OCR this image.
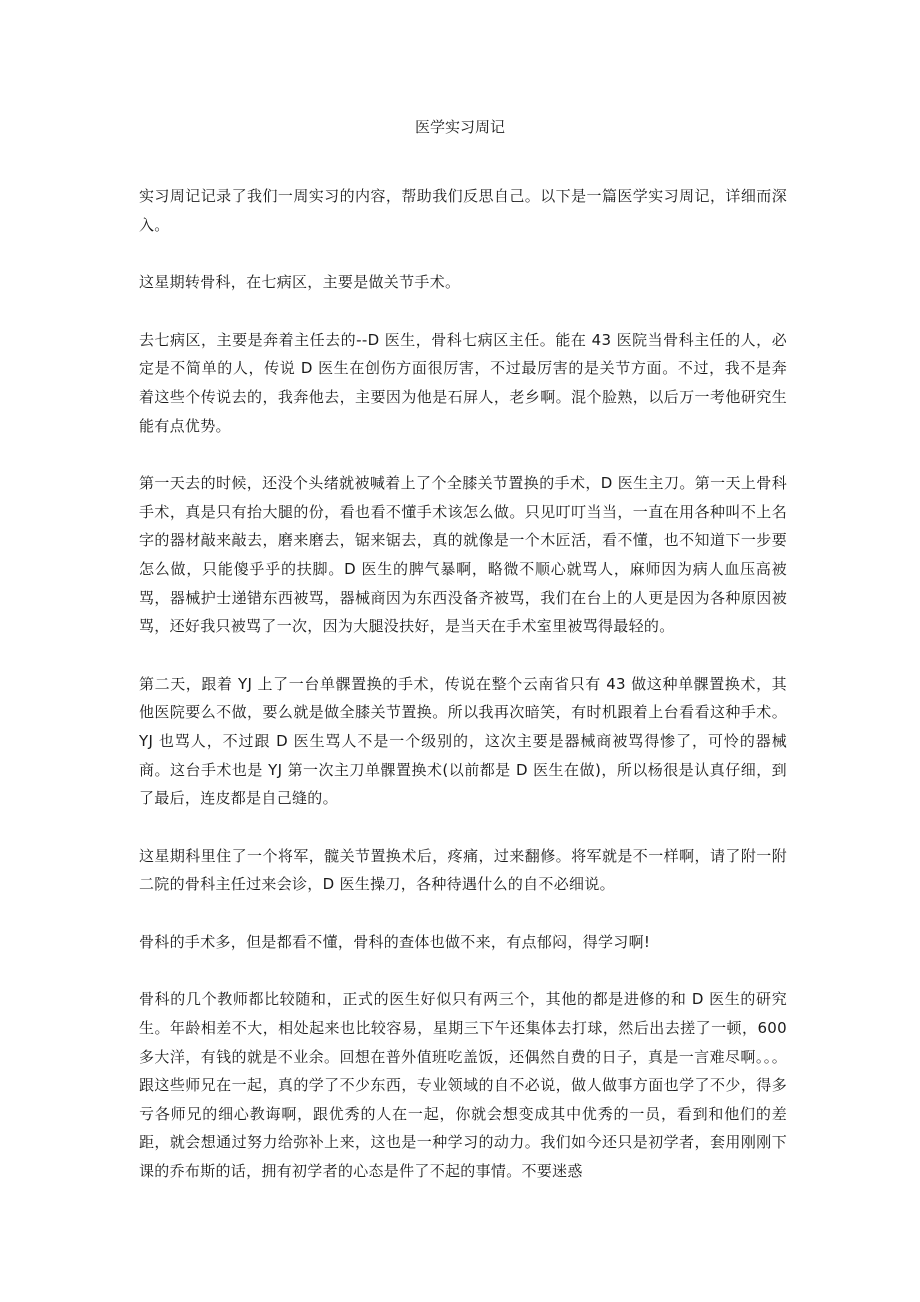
医学实习周记

实习周记记录了我们一周实习的内容，帮助我们反思自己。以下是一篇医学实习周记，详细而深入。

这星期转骨科，在七病区，主要是做关节手术。

去七病区，主要是奔着主任去的--D 医生，骨科七病区主任。能在 43 医院当骨科主任的人，必定是不简单的人，传说 D 医生在创伤方面很厉害，不过最厉害的是关节方面。不过，我不是奔着这些个传说去的，我奔他去，主要因为他是石屏人，老乡啊。混个脸熟，以后万一考他研究生能有点优势。

第一天去的时候，还没个头绪就被喊着上了个全膝关节置换的手术，D 医生主刀。第一天上骨科手术，真是只有抬大腿的份，看也看不懂手术该怎么做。只见叮叮当当，一直在用各种叫不上名字的器材敲来敲去，磨来磨去，锯来锯去，真的就像是一个木匠活，看不懂，也不知道下一步要怎么做，只能傻乎乎的扶脚。D 医生的脾气暴啊，略微不顺心就骂人，麻师因为病人血压高被骂，器械护士递错东西被骂，器械商因为东西没备齐被骂，我们在台上的人更是因为各种原因被骂，还好我只被骂了一次，因为大腿没扶好，是当天在手术室里被骂得最轻的。

第二天，跟着 YJ 上了一台单髁置换的手术，传说在整个云南省只有 43 做这种单髁置换术，其他医院要么不做，要么就是做全膝关节置换。所以我再次暗笑，有时机跟着上台看看这种手术。YJ 也骂人，不过跟 D 医生骂人不是一个级别的，这次主要是器械商被骂得惨了，可怜的器械商。这台手术也是 YJ 第一次主刀单髁置换术(以前都是 D 医生在做)，所以杨很是认真仔细，到了最后，连皮都是自己缝的。

这星期科里住了一个将军，髋关节置换术后，疼痛，过来翻修。将军就是不一样啊，请了附一附二院的骨科主任过来会诊，D 医生操刀，各种待遇什么的自不必细说。

骨科的手术多，但是都看不懂，骨科的查体也做不来，有点郁闷，得学习啊!

骨科的几个教师都比较随和，正式的医生好似只有两三个，其他的都是进修的和 D 医生的研究生。年龄相差不大，相处起来也比较容易，星期三下午还集体去打球，然后出去搓了一顿，600 多大洋，有钱的就是不业余。回想在普外值班吃盖饭，还偶然自费的日子，真是一言难尽啊。。。跟这些师兄在一起，真的学了不少东西，专业领域的自不必说，做人做事方面也学了不少，得多亏各师兄的细心教诲啊，跟优秀的人在一起，你就会想变成其中优秀的一员，看到和他们的差距，就会想通过努力给弥补上来，这也是一种学习的动力。我们如今还只是初学者，套用刚刚下课的乔布斯的话，拥有初学者的心态是件了不起的事情。不要迷惑
